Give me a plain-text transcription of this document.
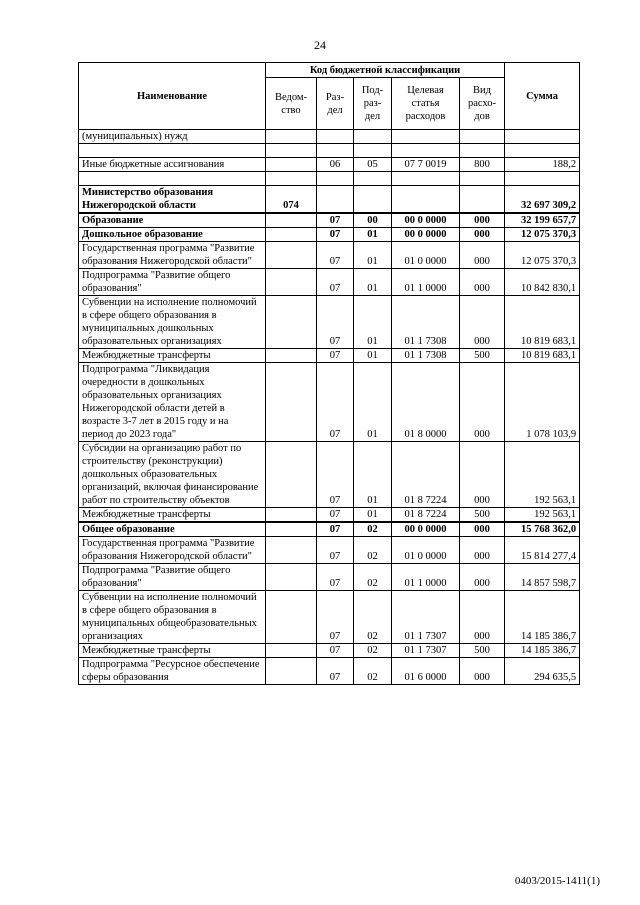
24
Наименование	Код бюджетной классификации					Сумма
	Ведом-ство	Раз-дел	Под-раз-дел	Целевая статья расходов	Вид расхо-дов	
(муниципальных) нужд						

Иные бюджетные ассигнования		06	05	07 7 0019	800	188,2

Министерство образования Нижегородской области	074					32 697 309,2
Образование		07	00	00 0 0000	000	32 199 657,7
Дошкольное образование		07	01	00 0 0000	000	12 075 370,3
Государственная программа "Развитие образования Нижегородской области"		07	01	01 0 0000	000	12 075 370,3
Подпрограмма "Развитие общего образования"		07	01	01 1 0000	000	10 842 830,1
Субвенции на исполнение полномочий в сфере общего образования в муниципальных дошкольных образовательных организациях		07	01	01 1 7308	000	10 819 683,1
Межбюджетные трансферты		07	01	01 1 7308	500	10 819 683,1
Подпрограмма "Ликвидация очередности в дошкольных образовательных организациях Нижегородской области детей в возрасте 3-7 лет в 2015 году и на период до 2023 года"		07	01	01 8 0000	000	1 078 103,9
Субсидии на организацию работ по строительству (реконструкции) дошкольных образовательных организаций, включая финансирование работ по строительству объектов		07	01	01 8 7224	000	192 563,1
Межбюджетные трансферты		07	01	01 8 7224	500	192 563,1
Общее образование		07	02	00 0 0000	000	15 768 362,0
Государственная программа "Развитие образования Нижегородской области"		07	02	01 0 0000	000	15 814 277,4
Подпрограмма "Развитие общего образования"		07	02	01 1 0000	000	14 857 598,7
Субвенции на исполнение полномочий в сфере общего образования в муниципальных общеобразовательных организациях		07	02	01 1 7307	000	14 185 386,7
Межбюджетные трансферты		07	02	01 1 7307	500	14 185 386,7
Подпрограмма "Ресурсное обеспечение сферы образования		07	02	01 6 0000	000	294 635,5
0403/2015-1411(1)
